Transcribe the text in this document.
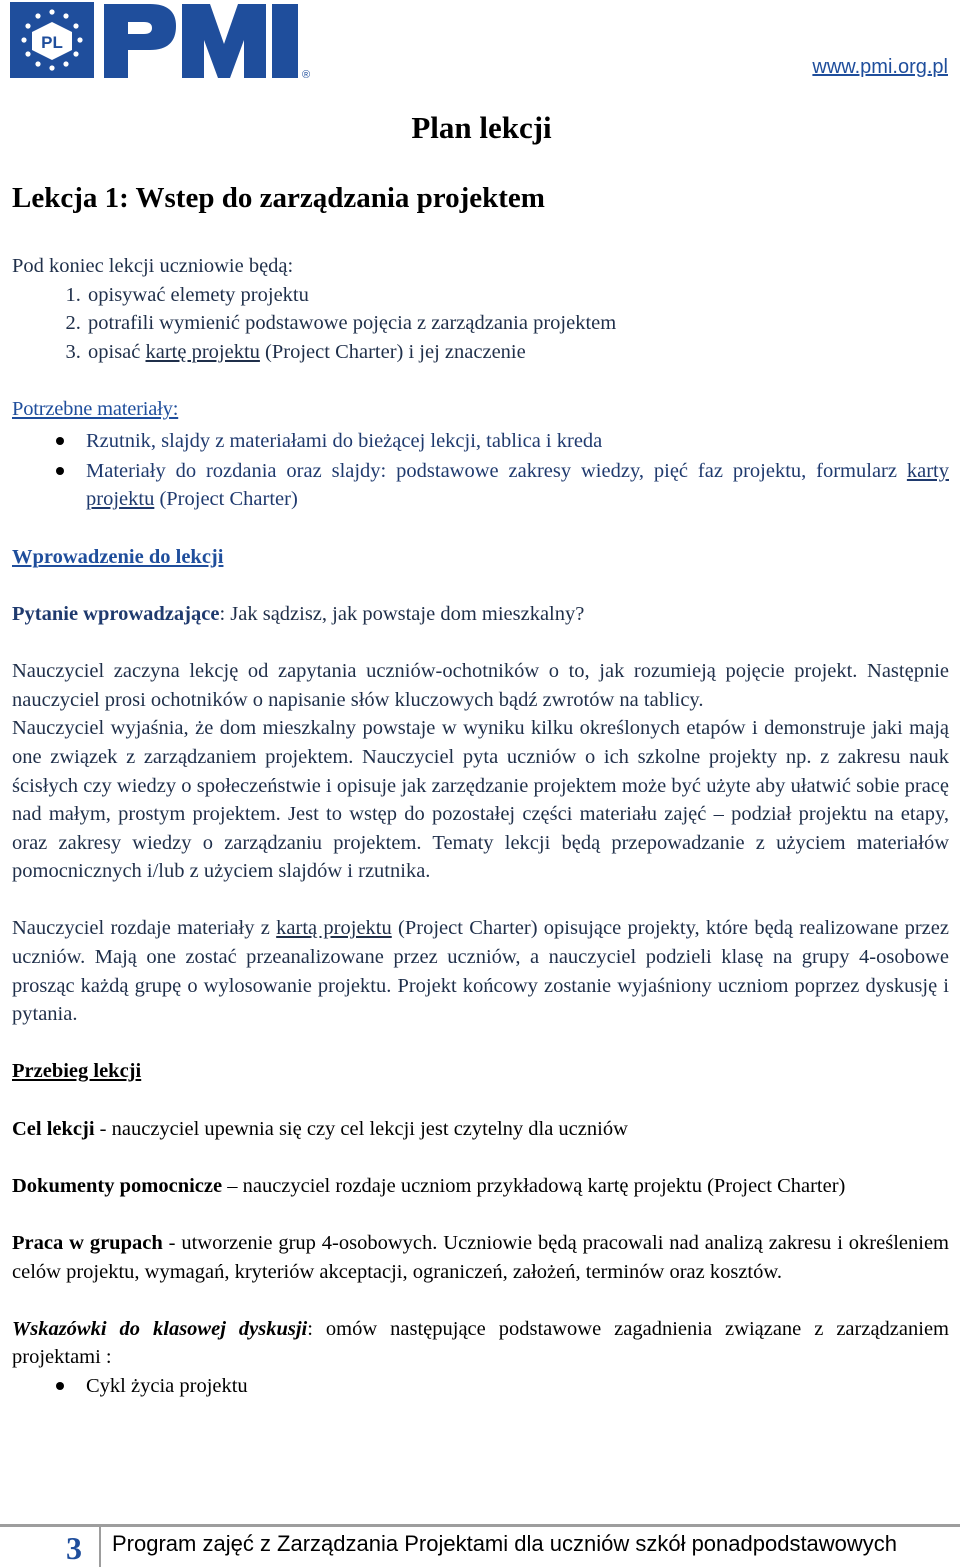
PL
®	www.pmi.org.pl
Plan lekcji
Lekcja 1: Wstep do zarządzania projektem

Pod koniec lekcji uczniowie będą:

1. opisywać elemety projektu
2. potrafili wymienić podstawowe pojęcia z zarządzania projektem
3. opisać kartę projektu (Project Charter) i jej znaczenie

Potrzebne materiały:

Rzutnik, slajdy z materiałami do bieżącej lekcji, tablica i kreda
Materiały do rozdania oraz slajdy: podstawowe zakresy wiedzy, pięć faz projektu, formularz karty projektu (Project Charter)

Wprowadzenie do lekcji

Pytanie wprowadzające: Jak sądzisz, jak powstaje dom mieszkalny?

Nauczyciel zaczyna lekcję od zapytania uczniów-ochotników o to, jak rozumieją pojęcie projekt. Następnie nauczyciel prosi ochotników o napisanie słów kluczowych bądź zwrotów na tablicy.

Nauczyciel wyjaśnia, że dom mieszkalny powstaje w wyniku kilku określonych etapów i demonstruje jaki mają one związek z zarządzaniem projektem. Nauczyciel pyta uczniów o ich szkolne projekty np. z zakresu nauk ścisłych czy wiedzy o społeczeństwie i opisuje jak zarzędzanie projektem może być użyte aby ułatwić sobie pracę nad małym, prostym projektem. Jest to wstęp do pozostałej części materiału zajęć – podział projektu na etapy, oraz zakresy wiedzy o zarządzaniu projektem. Tematy lekcji będą przepowadzanie z użyciem materiałów pomocnicznych i/lub z użyciem slajdów i rzutnika.

Nauczyciel rozdaje materiały z kartą projektu (Project Charter) opisujące projekty, które będą realizowane przez uczniów. Mają one zostać przeanalizowane przez uczniów, a nauczyciel podzieli klasę na grupy 4-osobowe prosząc każdą grupę o wylosowanie projektu. Projekt końcowy zostanie wyjaśniony uczniom poprzez dyskusję i pytania.

Przebieg lekcji

Cel lekcji - nauczyciel upewnia się czy cel lekcji jest czytelny dla uczniów

Dokumenty pomocnicze – nauczyciel rozdaje uczniom przykładową kartę projektu (Project Charter)

Praca w grupach - utworzenie grup 4-osobowych. Uczniowie będą pracowali nad analizą zakresu i określeniem celów projektu, wymagań, kryteriów akceptacji, ograniczeń, założeń, terminów oraz kosztów.

Wskazówki do klasowej dyskusji: omów następujące podstawowe zagadnienia związane z zarządzaniem projektami :

Cykl życia projektu
3 Program zajęć z Zarządzania Projektami dla uczniów szkół ponadpodstawowych
